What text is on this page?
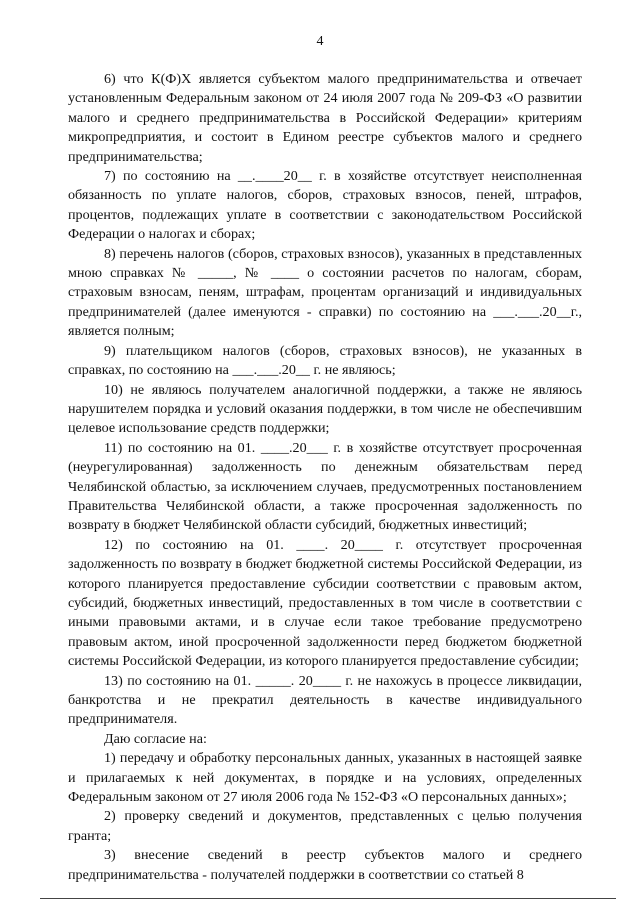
4

6) что К(Ф)Х является субъектом малого предпринимательства и отвечает установленным Федеральным законом от 24 июля 2007 года № 209-ФЗ «О развитии малого и среднего предпринимательства в Российской Федерации» критериям микропредприятия, и состоит в Едином реестре субъектов малого и среднего предпринимательства;

7) по состоянию на __.____20__ г. в хозяйстве отсутствует неисполненная обязанность по уплате налогов, сборов, страховых взносов, пеней, штрафов, процентов, подлежащих уплате в соответствии с законодательством Российской Федерации о налогах и сборах;

8) перечень налогов (сборов, страховых взносов), указанных в представленных мною справках № _____, № ____ о состоянии расчетов по налогам, сборам, страховым взносам, пеням, штрафам, процентам организаций и индивидуальных предпринимателей (далее именуются - справки) по состоянию на ___.___.20__г., является полным;

9) плательщиком налогов (сборов, страховых взносов), не указанных в справках, по состоянию на ___.___.20__ г. не являюсь;

10) не являюсь получателем аналогичной поддержки, а также не являюсь нарушителем порядка и условий оказания поддержки, в том числе не обеспечившим целевое использование средств поддержки;

11) по состоянию на 01. ____.20___ г. в хозяйстве отсутствует просроченная (неурегулированная) задолженность по денежным обязательствам перед Челябинской областью, за исключением случаев, предусмотренных постановлением Правительства Челябинской области, а также просроченная задолженность по возврату в бюджет Челябинской области субсидий, бюджетных инвестиций;

12) по состоянию на 01. ____. 20____ г. отсутствует просроченная задолженность по возврату в бюджет бюджетной системы Российской Федерации, из которого планируется предоставление субсидии соответствии с правовым актом, субсидий, бюджетных инвестиций, предоставленных в том числе в соответствии с иными правовыми актами, и в случае если такое требование предусмотрено правовым актом, иной просроченной задолженности перед бюджетом бюджетной системы Российской Федерации, из которого планируется предоставление субсидии;

13) по состоянию на 01. _____. 20____ г. не нахожусь в процессе ликвидации, банкротства и не прекратил деятельность в качестве индивидуального предпринимателя.

Даю согласие на:

1) передачу и обработку персональных данных, указанных в настоящей заявке и прилагаемых к ней документах, в порядке и на условиях, определенных Федеральным законом от 27 июля 2006 года № 152-ФЗ «О персональных данных»;

2) проверку сведений и документов, представленных с целью получения гранта;

3) внесение сведений в реестр субъектов малого и среднего предпринимательства - получателей поддержки в соответствии со статьей 8
